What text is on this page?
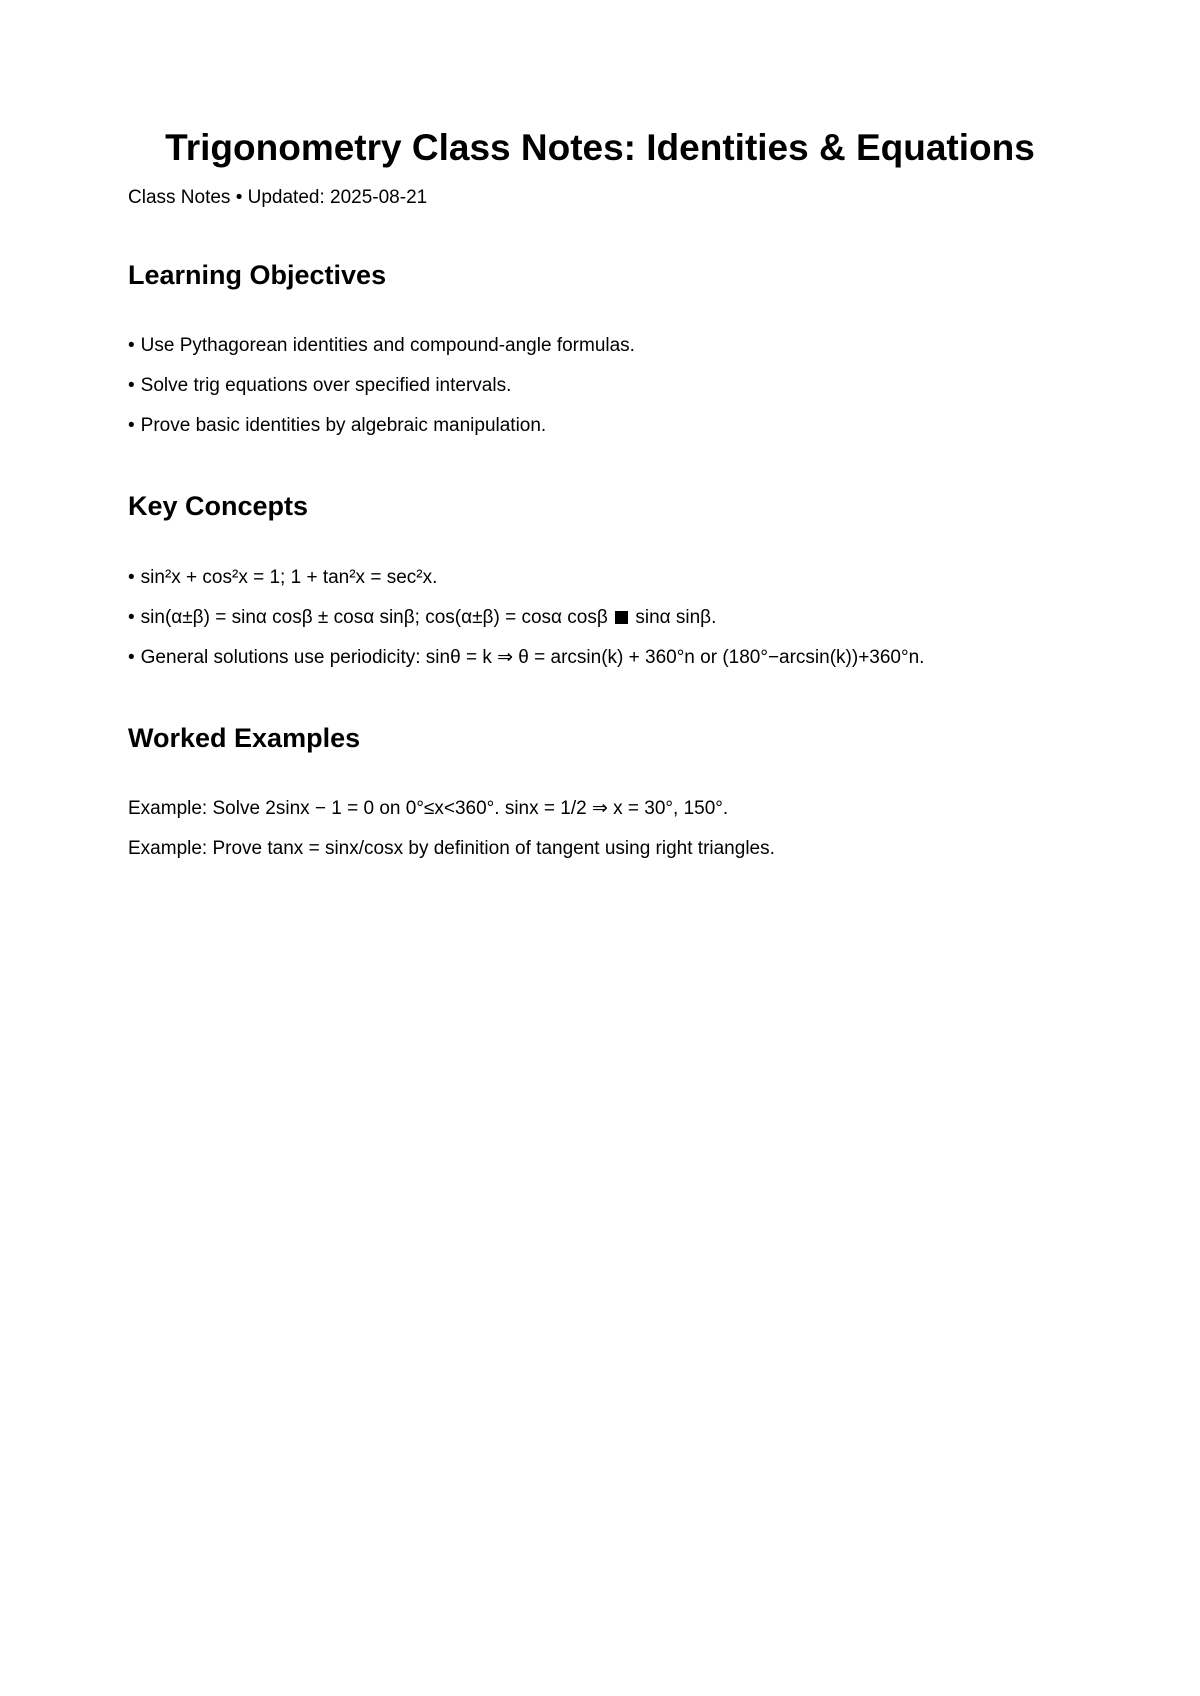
Trigonometry Class Notes: Identities & Equations

Class Notes • Updated: 2025-08-21

Learning Objectives

• Use Pythagorean identities and compound-angle formulas.

• Solve trig equations over specified intervals.

• Prove basic identities by algebraic manipulation.

Key Concepts

• sin²x + cos²x = 1; 1 + tan²x = sec²x.

• sin(α±β) = sinα cosβ ± cosα sinβ; cos(α±β) = cosα cosβ sinα sinβ.

• General solutions use periodicity: sinθ = k ⇒ θ = arcsin(k) + 360°n or (180°−arcsin(k))+360°n.

Worked Examples

Example: Solve 2sinx − 1 = 0 on 0°≤x<360°. sinx = 1/2 ⇒ x = 30°, 150°.

Example: Prove tanx = sinx/cosx by definition of tangent using right triangles.
